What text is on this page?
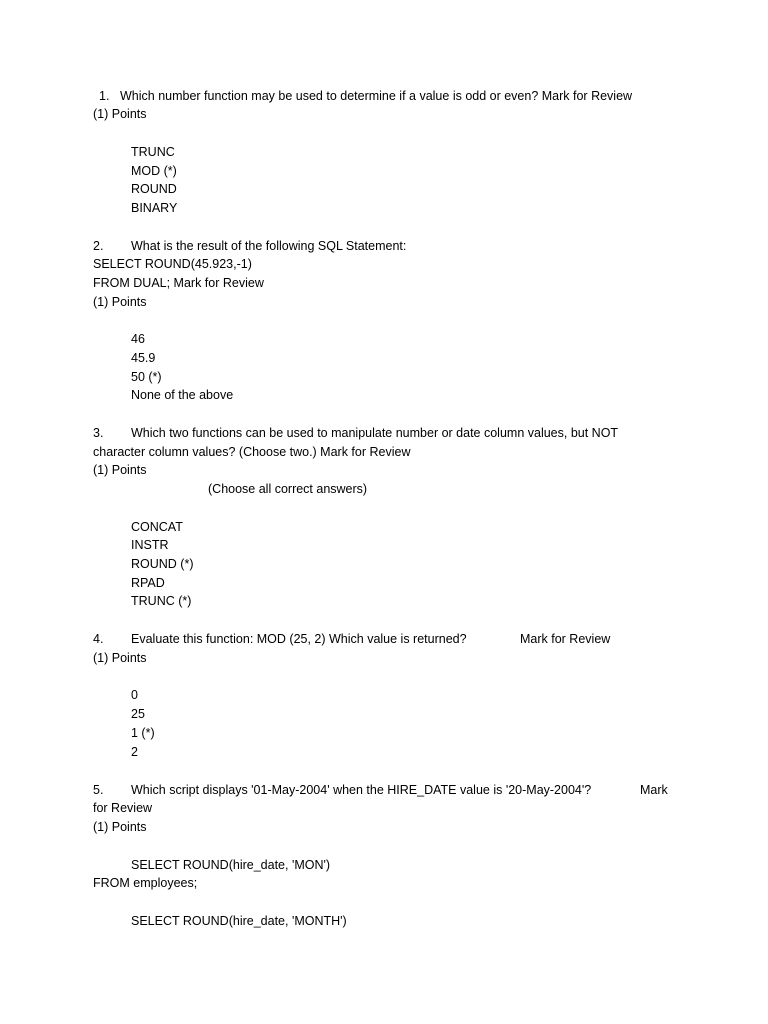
1. Which number function may be used to determine if a value is odd or even? Mark for Review
(1) Points
TRUNC
MOD (*)
ROUND
BINARY
2. What is the result of the following SQL Statement:
SELECT ROUND(45.923,-1)
FROM DUAL; Mark for Review
(1) Points
46
45.9
50 (*)
None of the above
3. Which two functions can be used to manipulate number or date column values, but NOT
character column values? (Choose two.) Mark for Review
(1) Points
(Choose all correct answers)
CONCAT
INSTR
ROUND (*)
RPAD
TRUNC (*)
4. Evaluate this function: MOD (25, 2) Which value is returned?	Mark for Review
(1) Points
0
25
1 (*)
2
5. Which script displays '01-May-2004' when the HIRE_DATE value is '20-May-2004'?	Mark
for Review
(1) Points
SELECT ROUND(hire_date, 'MON')
FROM employees;
SELECT ROUND(hire_date, 'MONTH')
